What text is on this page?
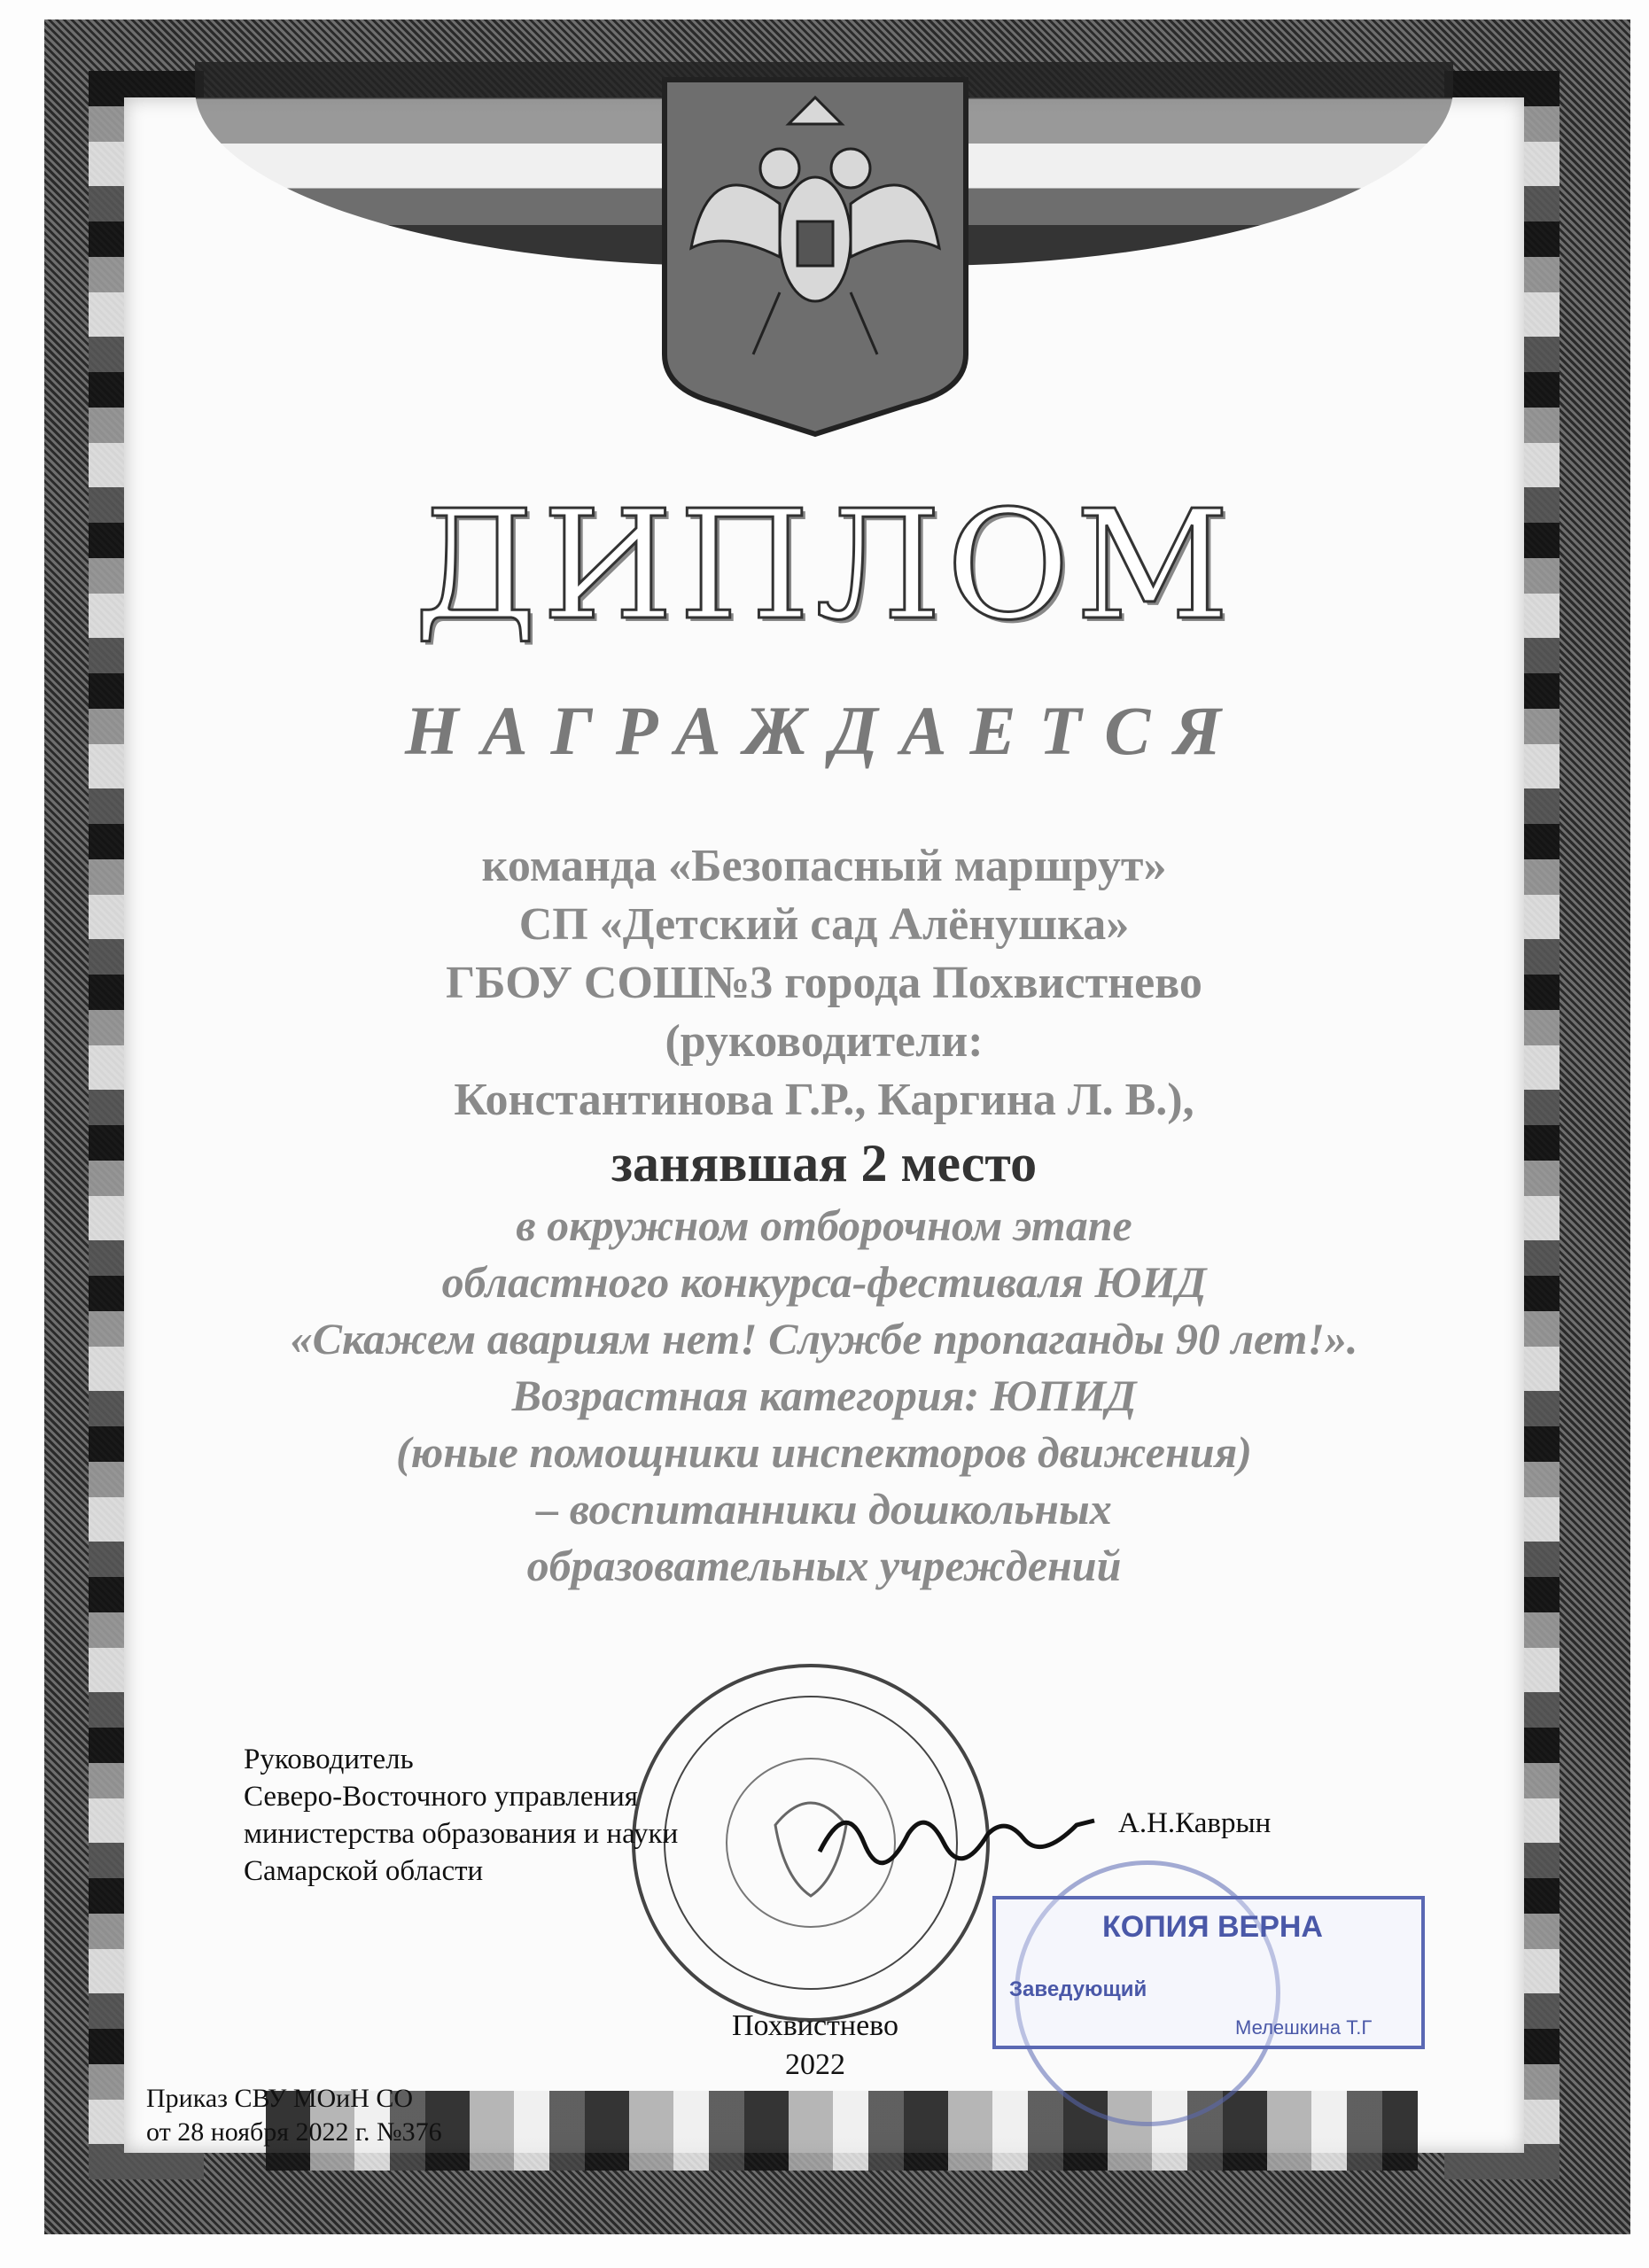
ДИПЛОМ
НАГРАЖДАЕТСЯ
команда «Безопасный маршрут»
СП «Детский сад Алёнушка»
ГБОУ СОШ№3 города Похвистнево
(руководители:
Константинова Г.Р., Каргина Л. В.),
занявшая 2 место
в окружном отборочном этапе
областного конкурса-фестиваля ЮИД
«Скажем авариям нет! Службе пропаганды 90 лет!».
Возрастная категория: ЮПИД
(юные помощники инспекторов движения)
– воспитанники дошкольных
образовательных учреждений
Руководитель
Северо-Восточного управления
министерства образования и науки
Самарской области
А.Н.Каврын
КОПИЯ ВЕРНА
Заведующий
Мелешкина Т.Г
Похвистнево
2022
Приказ СВУ МОиН СО
от 28 ноября 2022 г. №376
